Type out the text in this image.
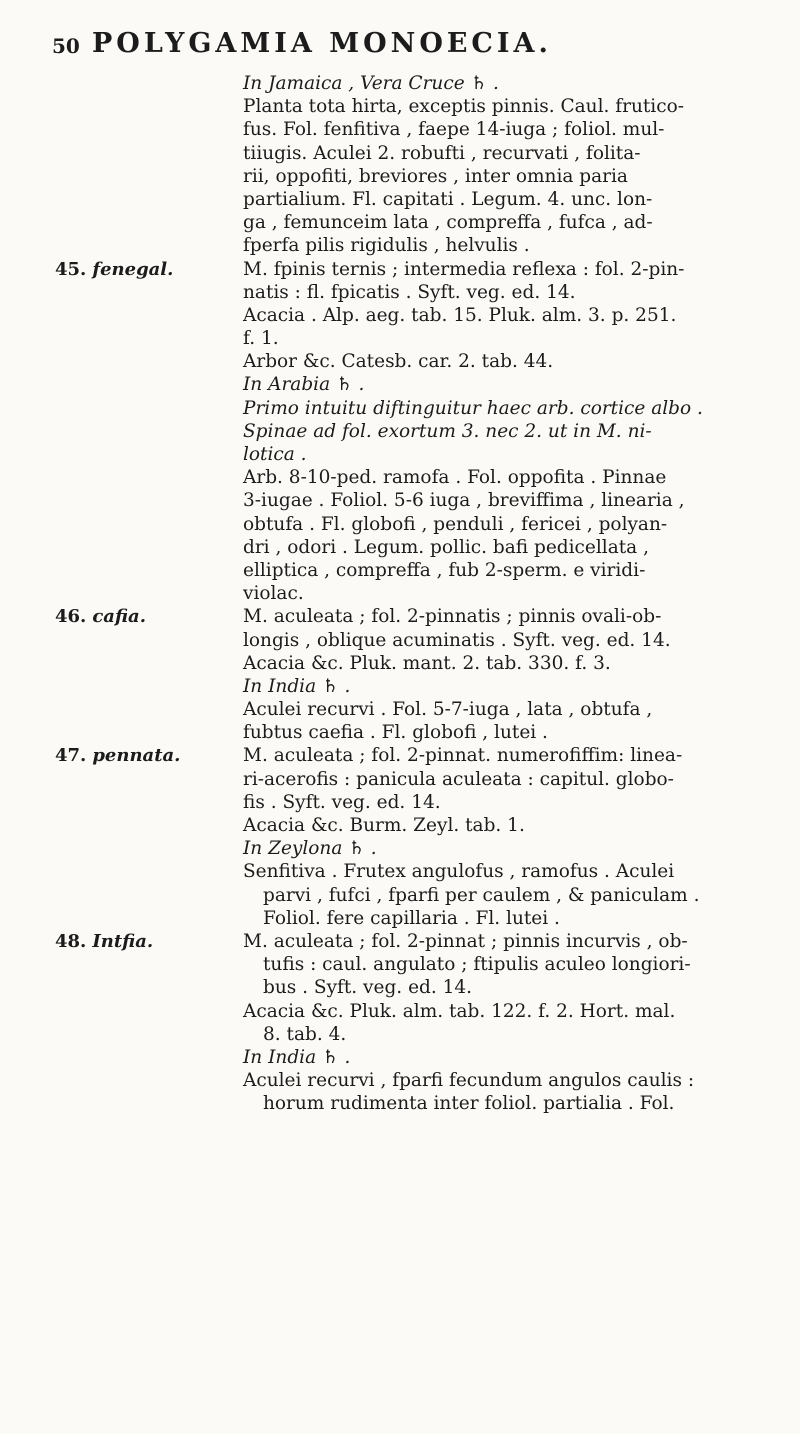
50 POLYGAMIA MONOECIA.
In Jamaica , Vera Cruce ♄ .
Planta tota hirta, exceptis pinnis. Caul. frutico-
fus. Fol. fenfitiva , faepe 14-iuga ; foliol. mul-
tiiugis. Aculei 2. robufti , recurvati , folita-
rii, oppofiti, breviores , inter omnia paria
partialium. Fl. capitati . Legum. 4. unc. lon-
ga , femunceim lata , compreffa , fufca , ad-
fperfa pilis rigidulis , helvulis .
45. fenegal.	M. fpinis ternis ; intermedia reflexa : fol. 2-pin-
natis : fl. fpicatis . Syft. veg. ed. 14.
Acacia . Alp. aeg. tab. 15. Pluk. alm. 3. p. 251.
f. 1.
Arbor &c. Catesb. car. 2. tab. 44.
In Arabia ♄ .
Primo intuitu diftinguitur haec arb. cortice albo .
Spinae ad fol. exortum 3. nec 2. ut in M. ni-
lotica .
Arb. 8-10-ped. ramofa . Fol. oppofita . Pinnae
3-iugae . Foliol. 5-6 iuga , breviffima , linearia ,
obtufa . Fl. globofi , penduli , fericei , polyan-
dri , odori . Legum. pollic. bafi pedicellata ,
elliptica , compreffa , fub 2-sperm. e viridi-
violac.
46. cafia.	M. aculeata ; fol. 2-pinnatis ; pinnis ovali-ob-
longis , oblique acuminatis . Syft. veg. ed. 14.
Acacia &c. Pluk. mant. 2. tab. 330. f. 3.
In India ♄ .
Aculei recurvi . Fol. 5-7-iuga , lata , obtufa ,
fubtus caefia . Fl. globofi , lutei .
47. pennata.	M. aculeata ; fol. 2-pinnat. numerofiffim: linea-
ri-acerofis : panicula aculeata : capitul. globo-
fis . Syft. veg. ed. 14.
Acacia &c. Burm. Zeyl. tab. 1.
In Zeylona ♄ .
Senfitiva . Frutex angulofus , ramofus . Aculei
parvi , fufci , fparfi per caulem , & paniculam .
Foliol. fere capillaria . Fl. lutei .
48. Intfia.	M. aculeata ; fol. 2-pinnat ; pinnis incurvis , ob-
tufis : caul. angulato ; ftipulis aculeo longiori-
bus . Syft. veg. ed. 14.
Acacia &c. Pluk. alm. tab. 122. f. 2. Hort. mal.
8. tab. 4.
In India ♄ .
Aculei recurvi , fparfi fecundum angulos caulis :
horum rudimenta inter foliol. partialia . Fol.
